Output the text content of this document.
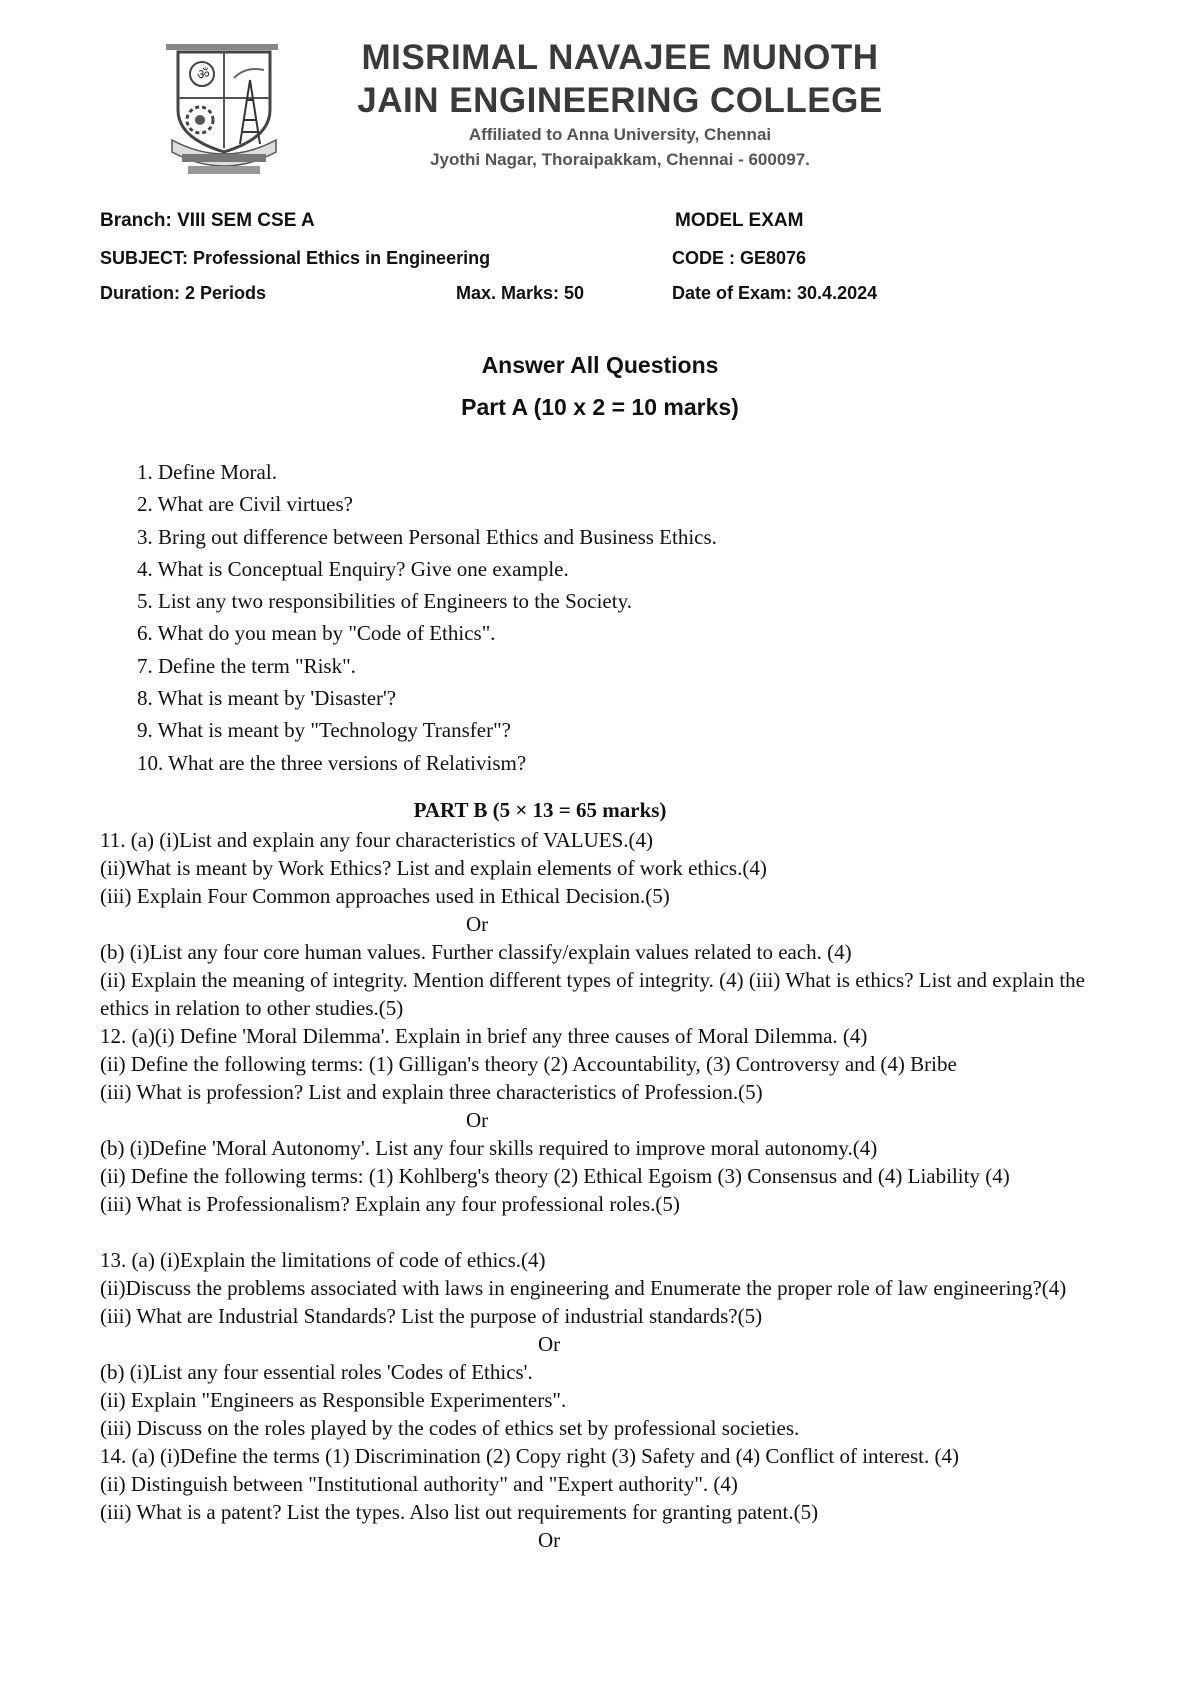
ॐ	MISRIMAL NAVAJEE MUNOTH
JAIN ENGINEERING COLLEGE
Affiliated to Anna University, Chennai
Jyothi Nagar, Thoraipakkam, Chennai - 600097.
Branch: VIII SEM CSE A	MODEL EXAM
SUBJECT: Professional Ethics in Engineering	CODE : GE8076
Duration: 2 Periods	Max. Marks: 50	Date of Exam: 30.4.2024
Answer All Questions
Part A (10 x 2 = 10 marks)
1. Define Moral.
2. What are Civil virtues?
3. Bring out difference between Personal Ethics and Business Ethics.
4. What is Conceptual Enquiry? Give one example.
5. List any two responsibilities of Engineers to the Society.
6. What do you mean by "Code of Ethics".
7. Define the term "Risk".
8. What is meant by 'Disaster'?
9. What is meant by "Technology Transfer"?
10. What are the three versions of Relativism?
PART B (5 × 13 = 65 marks)
11. (a) (i)List and explain any four characteristics of VALUES.(4)
(ii)What is meant by Work Ethics? List and explain elements of work ethics.(4)
(iii) Explain Four Common approaches used in Ethical Decision.(5)
Or
(b) (i)List any four core human values. Further classify/explain values related to each. (4)
(ii) Explain the meaning of integrity. Mention different types of integrity. (4) (iii) What is ethics? List and explain the ethics in relation to other studies.(5)
12. (a)(i) Define 'Moral Dilemma'. Explain in brief any three causes of Moral Dilemma. (4)
(ii) Define the following terms: (1) Gilligan's theory (2) Accountability, (3) Controversy and (4) Bribe
(iii) What is profession? List and explain three characteristics of Profession.(5)
Or
(b) (i)Define 'Moral Autonomy'. List any four skills required to improve moral autonomy.(4)
(ii) Define the following terms: (1) Kohlberg's theory (2) Ethical Egoism (3) Consensus and (4) Liability (4)
(iii) What is Professionalism? Explain any four professional roles.(5)
13. (a) (i)Explain the limitations of code of ethics.(4)
(ii)Discuss the problems associated with laws in engineering and Enumerate the proper role of law engineering?(4)
(iii) What are Industrial Standards? List the purpose of industrial standards?(5)
Or
(b) (i)List any four essential roles 'Codes of Ethics'.
(ii) Explain "Engineers as Responsible Experimenters".
(iii) Discuss on the roles played by the codes of ethics set by professional societies.
14. (a) (i)Define the terms (1) Discrimination (2) Copy right (3) Safety and (4) Conflict of interest. (4)
(ii) Distinguish between "Institutional authority" and "Expert authority". (4)
(iii) What is a patent? List the types. Also list out requirements for granting patent.(5)
Or
